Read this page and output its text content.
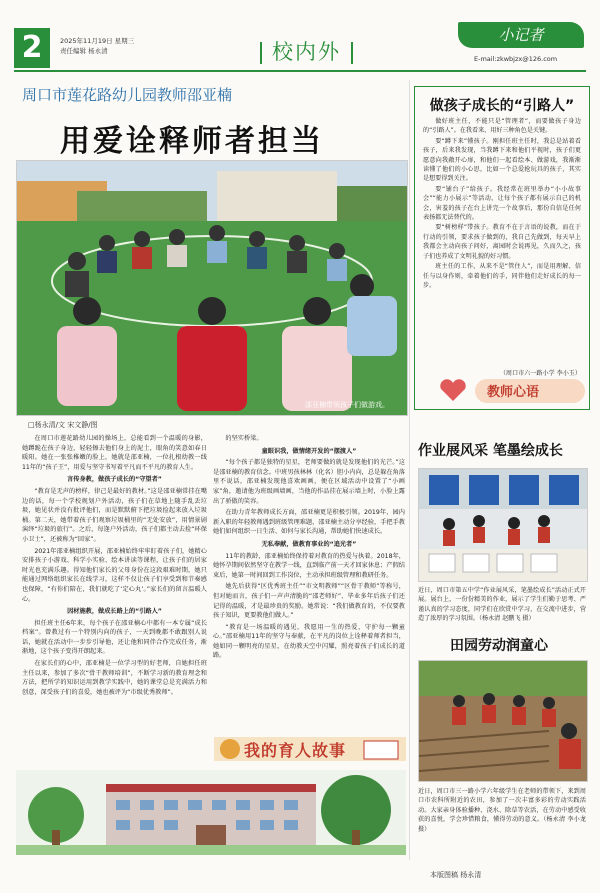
2	2025年11月19日 星期三
责任编辑 杨永清	校内外
小记者
E-mail:zkwbjzx@126.com
周口市莲花路幼儿园教师邵亚楠
用爱诠释师者担当
邵亚楠带领孩子们做游戏。
□杨永清/文 宋文静/图

在周口市莲花路幼儿园的操场上，总能看到一个温暖的身影，她蹲跪在孩子身边，轻轻擦去他们身上的泥土，眼角的笑意如春日暖阳。她在一张张稚嫩的脸上，她就是邵亚楠，一位扎根幼教一线11年的“孩子王”，用爱与坚守书写着平凡而不平凡的教育人生。

言传身教，做孩子成长的“守望者”

“教育是无声的榜样，律己是最好的教材。”这是邵亚楠常挂在嘴边的话，每一个学校规划户外活动，孩子们在草地上随手乱丢垃圾，她见状并没有批评他们，而是默默俯下把垃圾捡起来放入垃圾桶。第二天，她带着孩子们观察垃圾桶里的“无处安放”，用情景剧演绎“垃圾的旅行”。之后，每逢户外活动，孩子们都主动去捡“环保小卫士”，还被称为“回家”。

2021年邵亚楠组织开展，邵亚楠始终牢牢盯着孩子们，她精心安排孩子小游戏、科学小实验、绘本讲读等课程，让孩子们的居家时光也充满乐趣。得知他们家长的父母身份在这段艰难时期，她只能通过网络组织家长在线学习，这样不仅让孩子们享受到和节奏感也保障，“有你们陪在，我们就吃了‘定心丸’。”家长们的留言温暖人心。

因材施教，做成长路上的“引路人”

担任班主任6年来，每个孩子在邵亚楠心中都有一本专属“成长档案”。曾教过有一个特别内向的孩子，一天到晚都不敢跟别人说话，她就在活动中一步步引导他，还让他和同伴合作完成任务，渐渐地，这个孩子变得开朗起来。

在家长们的心中，邵亚楠是一位学习型的好老师，自她担任班主任以来，参加了多次“骨干教师培训”，不断学习新的教育理念和方法，把所学的知识运用到教学实践中，她的课堂总是充满活力和创意，深受孩子们的喜爱，她也被评为“市级优秀教师”。

的坚实桥梁。

童眼识我，做情绪开发的“摆渡人”

“每个孩子都是独特的星星，老师要做的就是发现他们的光芒。”这是邵亚楠的教育信念。中班男孩林林（化名）胆小内向，总是躲在角落里不说话，邵亚楠发现他喜欢画画，便在区域活动中设置了“小画家”角，邀请他为班级画墙画，当他的作品挂在展示墙上时，小脸上露出了骄傲的笑容。

在助力青年教师成长方面，邵亚楠更是积极引领。2019年，园内新入职的年轻教师遇到班级管理难题，邵亚楠主动分享经验，手把手教她们如何组织一日生活、如何与家长沟通，帮助她们快速成长。

无私奉献，做教育事业的“追光者”

11年的教龄，邵亚楠始终保持着对教育的热爱与执着。2018年，她怀孕期间依然坚守在教学一线，直到临产前一天才回家休息；产假结束后，她第一时间回到工作岗位，主动承担班级管理和教研任务。

她先后获得“区优秀班主任”“市文明教师”“区骨干教师”等称号，但对她而言，孩子们一声声清脆的“邵老师好”、毕业多年后孩子们还记得的温暖，才是最珍贵的奖励。她常说：“我们做教育的，不仅要教孩子知识，更要教他们做人。”

“教育是一场温暖的遇见，我愿用一生的热爱，守护每一颗童心。”邵亚楠用11年的坚守与奉献，在平凡的岗位上诠释着师者担当，她如同一颗明亮的星星，在幼教天空中闪耀，照亮着孩子们成长的道路。

我的育人故事
做孩子成长的“引路人”

做好班主任，不能只是“管理者”，而要做孩子身边的“引路人”。在我看来，用好三种角色是关键。

要“蹲下来”懂孩子。刚担任班主任时，我总是站着看孩子，后来我发现，当我蹲下来和他们平视时，孩子们更愿意向我敞开心扉，和他们一起看绘本、做游戏，我渐渐读懂了他们的小心思，比如一个总爱抢玩具的孩子，其实是想要得到关注。

要“铺台子”给孩子。我经常在班里举办“小小故事会”“能力小展示”等活动，让每个孩子都有展示自己的机会，害羞的孩子在台上讲完一个故事后，那份自信是任何表扬都无法替代的。

要“树榜样”带孩子。教育不在于言语的说教，而在于行动的引领，要求孩子做到的，我自己先做到，每天早上我都会主动向孩子问好，离园时会说再见，久而久之，孩子们也养成了文明礼貌的好习惯。

班主任的工作，从来不是“管住人”，而是用理解、信任与以身作则，牵着他们的手，同伴他们走好成长的每一步。

（周口市六一路小学 李小玉）
教师心语
作业展风采 笔墨绘成长
近日，周口市第五中学“作业展风采，笔墨绘成长”活动正式开展。展台上，一份份精美的作业，展示了学生们勤于思考、严谨认真的学习态度，同学们在欣赏中学习，在交流中进步，营造了浓厚的学习氛围。（杨永清 赵鹏飞 摄）
田园劳动润童心
近日，周口市三一路小学六年级学生在老师的带领下，来到周口市农科所附近的农田，参加了一次丰富多彩的劳动实践活动。大家亲身体验播种、浇水、除草等农活，在劳动中感受收获的喜悦，学会珍惜粮食，懂得劳动的意义。（杨永清 李小龙 摄）
本版图稿 杨永清
